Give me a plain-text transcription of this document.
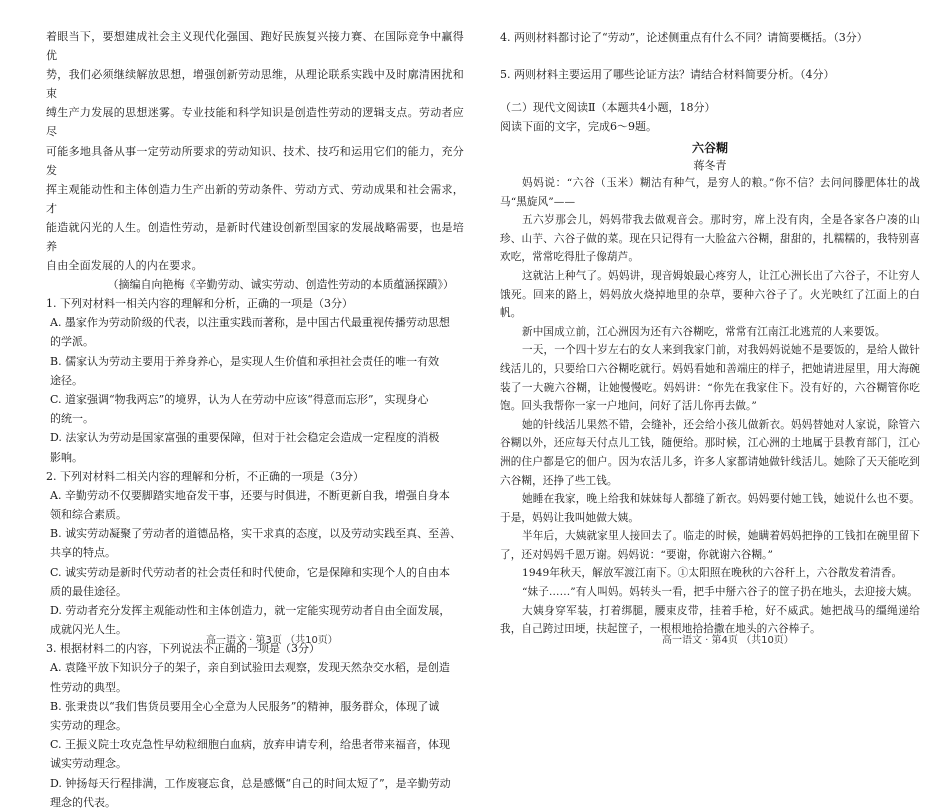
着眼当下，要想建成社会主义现代化强国、跑好民族复兴接力赛、在国际竞争中赢得优

势，我们必须继续解放思想，增强创新劳动思维，从理论联系实践中及时廓清困扰和束

缚生产力发展的思想迷雾。专业技能和科学知识是创造性劳动的逻辑支点。劳动者应尽

可能多地具备从事一定劳动所要求的劳动知识、技术、技巧和运用它们的能力，充分发

挥主观能动性和主体创造力生产出新的劳动条件、劳动方式、劳动成果和社会需求，才

能造就闪光的人生。创造性劳动，是新时代建设创新型国家的发展战略需要，也是培养

自由全面发展的人的内在要求。

（摘编自向艳梅《辛勤劳动、诚实劳动、创造性劳动的本质蕴涵探蹟》）

1. 下列对材料一相关内容的理解和分析，正确的一项是（3分）

A. 墨家作为劳动阶级的代表，以注重实践而著称，是中国古代最重视传播劳动思想
的学派。

B. 儒家认为劳动主要用于养身养心，是实现人生价值和承担社会责任的唯一有效
途径。

C. 道家强调“物我两忘”的境界，认为人在劳动中应该“得意而忘形”，实现身心
的统一。

D. 法家认为劳动是国家富强的重要保障，但对于社会稳定会造成一定程度的消极
影响。

2. 下列对材料二相关内容的理解和分析，不正确的一项是（3分）

A. 辛勤劳动不仅要脚踏实地奋发干事，还要与时俱进，不断更新自我，增强自身本
领和综合素质。

B. 诚实劳动凝聚了劳动者的道德品格，实干求真的态度，以及劳动实践至真、至善、
共享的特点。

C. 诚实劳动是新时代劳动者的社会责任和时代使命，它是保障和实现个人的自由本
质的最佳途径。

D. 劳动者充分发挥主观能动性和主体创造力，就一定能实现劳动者自由全面发展，
成就闪光人生。

3. 根据材料二的内容，下列说法不正确的一项是（3分）

A. 袁隆平放下知识分子的架子，亲自到试验田去观察，发现天然杂交水稻，是创造
性劳动的典型。

B. 张秉贵以“我们售货员要用全心全意为人民服务”的精神，服务群众，体现了诚
实劳动的理念。

C. 王振义院士攻克急性早幼粒细胞白血病，放弃申请专利，给患者带来福音，体现
诚实劳动理念。

D. 钟扬每天行程排满，工作废寝忘食，总是感慨“自己的时间太短了”，是辛勤劳动
理念的代表。

高一语文 · 第3页 （共10页）

4. 两则材料都讨论了“劳动”，论述侧重点有什么不同？请简要概括。（3分）

5. 两则材料主要运用了哪些论证方法？请结合材料简要分析。（4分）

（二）现代文阅读Ⅱ（本题共4小题，18分）

阅读下面的文字，完成6～9题。

六谷糊

蒋冬青

妈妈说：“六谷（玉米）糊沽有种气，是穷人的粮。”你不信？去问问滕肥体壮的战马“黑旋风”——

五六岁那会儿，妈妈带我去做观音会。那时穷，席上没有肉，全是各家各户凑的山珍、山芋、六谷子做的菜。现在只记得有一大脸盆六谷糊，甜甜的，扎糯糯的，我特别喜欢吃，常常吃得肚子像葫芦。

这就沾上种气了。妈妈讲，现音姆娘最心疼穷人，让江心洲长出了六谷子，不让穷人饿死。回来的路上，妈妈放火烧掉地里的杂草，要种六谷子了。火光映红了江面上的白帆。

新中国成立前，江心洲因为还有六谷糊吃，常常有江南江北逃荒的人来要饭。

一天，一个四十岁左右的女人来到我家门前，对我妈妈说她不是要饭的，是给人做针线活儿的，只要给口六谷糊吃就行。妈妈看她和善端庄的样子，把她请进屋里，用大海碗装了一大碗六谷糊，让她慢慢吃。妈妈讲：“你先在我家住下。没有好的，六谷糊管你吃饱。回头我帮你一家一户地问，问好了活儿你再去做。”

她的针线活儿果然不错，会缝补，还会给小孩儿做新衣。妈妈替她对人家说，除管六谷糊以外，还应每天付点儿工钱，随便给。那时候，江心洲的土地属于县教育部门，江心洲的住户都是它的佃户。因为农活儿多，许多人家都请她做针线活儿。她除了天天能吃到六谷糊，还挣了些工钱。

她睡在我家，晚上给我和妹妹每人都缝了新衣。妈妈要付她工钱，她说什么也不要。于是，妈妈让我叫她做大姨。

半年后，大姨就家里人接回去了。临走的时候，她瞒着妈妈把挣的工钱扣在碗里留下了，还对妈妈千恩万谢。妈妈说：“要谢，你就谢六谷糊。”

1949年秋天，解放军渡江南下。①太阳照在晚秋的六谷秆上，六谷散发着清香。

“妹子……”有人叫妈。妈转头一看，把手中掰六谷子的筐子扔在地头，去迎接大姨。

大姨身穿军装，打着绑腿，腰束皮带，挂着手枪，好不威武。她把战马的缰绳递给我，自己跨过田埂，扶起筐子，一根根地拾拾撒在地头的六谷棒子。

高一语文 · 第4页 （共10页）
